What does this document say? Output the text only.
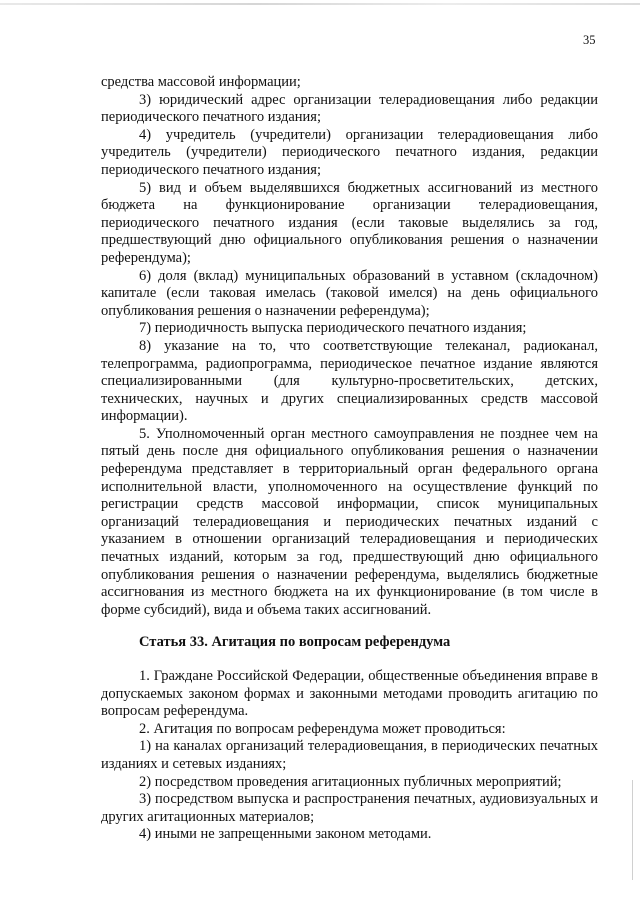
35

средства массовой информации;

3) юридический адрес организации телерадиовещания либо редакции периодического печатного издания;

4) учредитель (учредители) организации телерадиовещания либо учредитель (учредители) периодического печатного издания, редакции периодического печатного издания;

5) вид и объем выделявшихся бюджетных ассигнований из местного бюджета на функционирование организации телерадиовещания, периодического печатного издания (если таковые выделялись за год, предшествующий дню официального опубликования решения о назначении референдума);

6) доля (вклад) муниципальных образований в уставном (складочном) капитале (если таковая имелась (таковой имелся) на день официального опубликования решения о назначении референдума);

7) периодичность выпуска периодического печатного издания;

8) указание на то, что соответствующие телеканал, радиоканал, телепрограмма, радиопрограмма, периодическое печатное издание являются специализированными (для культурно-просветительских, детских, технических, научных и других специализированных средств массовой информации).

5. Уполномоченный орган местного самоуправления не позднее чем на пятый день после дня официального опубликования решения о назначении референдума представляет в территориальный орган федерального органа исполнительной власти, уполномоченного на осуществление функций по регистрации средств массовой информации, список муниципальных организаций телерадиовещания и периодических печатных изданий с указанием в отношении организаций телерадиовещания и периодических печатных изданий, которым за год, предшествующий дню официального опубликования решения о назначении референдума, выделялись бюджетные ассигнования из местного бюджета на их функционирование (в том числе в форме субсидий), вида и объема таких ассигнований.

Статья 33. Агитация по вопросам референдума

1. Граждане Российской Федерации, общественные объединения вправе в допускаемых законом формах и законными методами проводить агитацию по вопросам референдума.

2. Агитация по вопросам референдума может проводиться:

1) на каналах организаций телерадиовещания, в периодических печатных изданиях и сетевых изданиях;

2) посредством проведения агитационных публичных мероприятий;

3) посредством выпуска и распространения печатных, аудиовизуальных и других агитационных материалов;

4) иными не запрещенными законом методами.
